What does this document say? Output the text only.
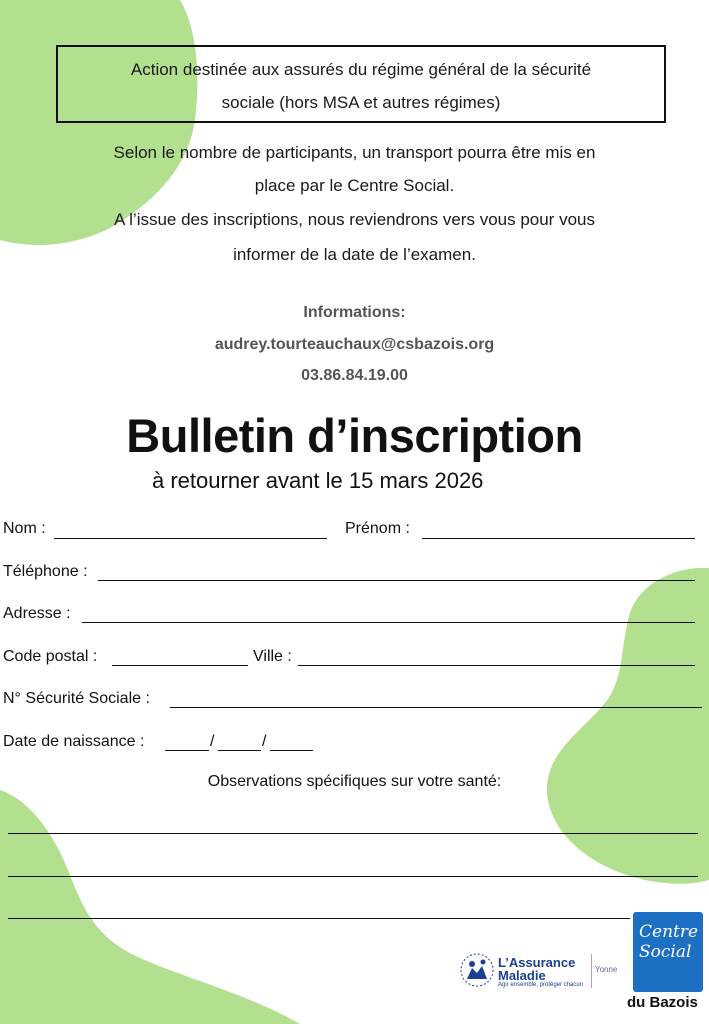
Action destinée aux assurés du régime général de la sécurité

sociale (hors MSA et autres régimes)

Selon le nombre de participants, un transport pourra être mis en
place par le Centre Social.
A l’issue des inscriptions, nous reviendrons vers vous pour vous
informer de la date de l’examen.
Informations:
audrey.tourteauchaux@csbazois.org
03.86.84.19.00
Bulletin d’inscription
à retourner avant le 15 mars 2026
Nom :	Prénom :
Téléphone :
Adresse :
Code postal :	Ville :
N° Sécurité Sociale :
Date de naissance :	/	/
Observations spécifiques sur votre santé:
L’Assurance
Maladie
Agir ensemble, protéger chacun
Yonne
Centre
Social
du Bazois
